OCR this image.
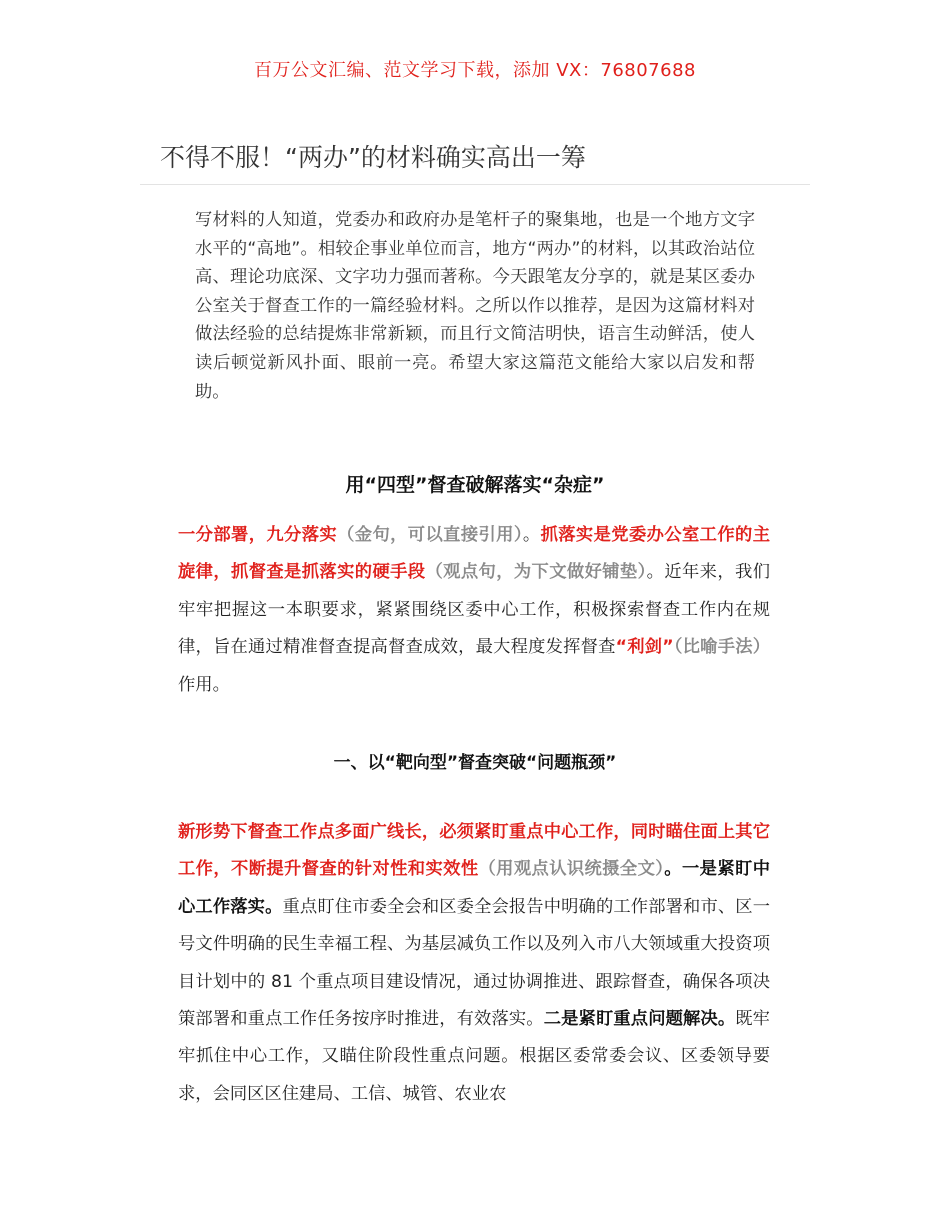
百万公文汇编、范文学习下载，添加 VX：76807688
不得不服！“两办”的材料确实高出一筹

写材料的人知道，党委办和政府办是笔杆子的聚集地，也是一个地方文字水平的“高地”。相较企事业单位而言，地方“两办”的材料，以其政治站位高、理论功底深、文字功力强而著称。今天跟笔友分享的，就是某区委办公室关于督查工作的一篇经验材料。之所以作以推荐，是因为这篇材料对做法经验的总结提炼非常新颖，而且行文简洁明快，语言生动鲜活，使人读后顿觉新风扑面、眼前一亮。希望大家这篇范文能给大家以启发和帮助。

用“四型”督查破解落实“杂症”

一分部署，九分落实（金句，可以直接引用）。抓落实是党委办公室工作的主旋律，抓督查是抓落实的硬手段（观点句，为下文做好铺垫）。近年来，我们牢牢把握这一本职要求，紧紧围绕区委中心工作，积极探索督查工作内在规律，旨在通过精准督查提高督查成效，最大程度发挥督查“利剑”（比喻手法）作用。

一、以“靶向型”督查突破“问题瓶颈”

新形势下督查工作点多面广线长，必须紧盯重点中心工作，同时瞄住面上其它工作，不断提升督查的针对性和实效性（用观点认识统摄全文）。一是紧盯中心工作落实。重点盯住市委全会和区委全会报告中明确的工作部署和市、区一号文件明确的民生幸福工程、为基层减负工作以及列入市八大领域重大投资项目计划中的 81 个重点项目建设情况，通过协调推进、跟踪督查，确保各项决策部署和重点工作任务按序时推进，有效落实。二是紧盯重点问题解决。既牢牢抓住中心工作，又瞄住阶段性重点问题。根据区委常委会议、区委领导要求，会同区区住建局、工信、城管、农业农
